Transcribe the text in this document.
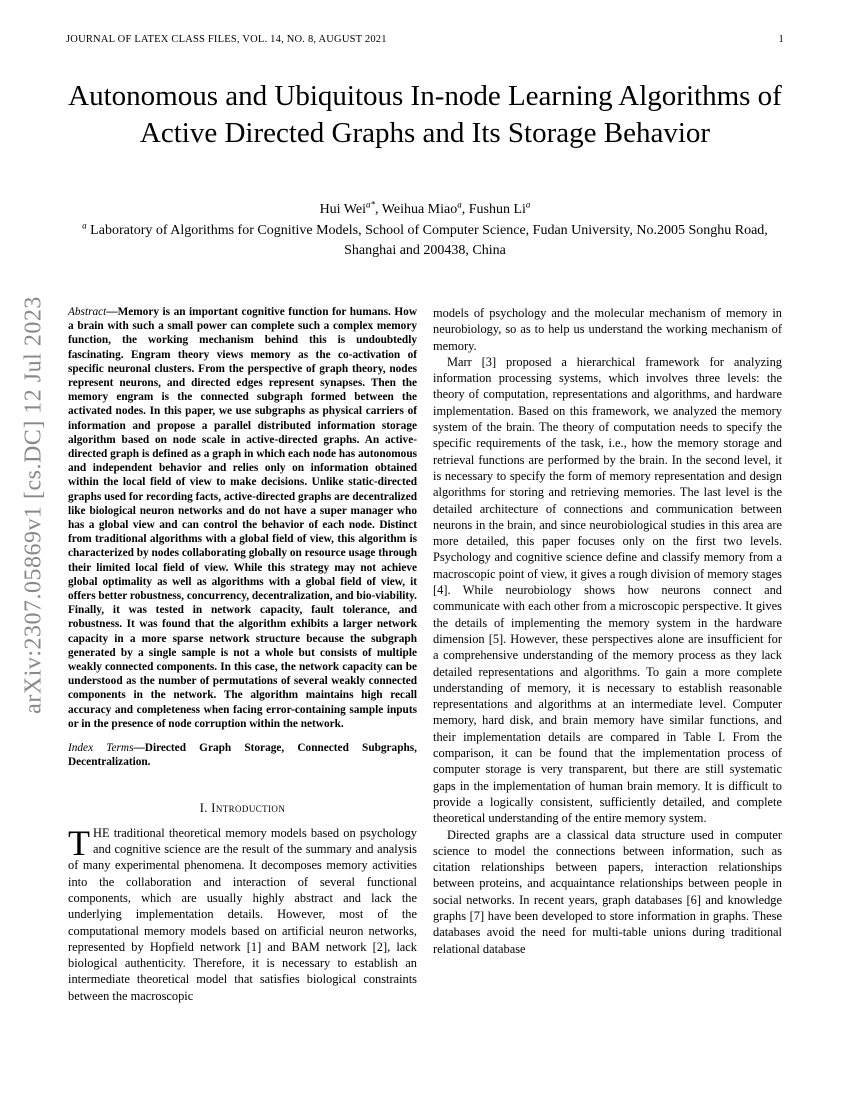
JOURNAL OF LATEX CLASS FILES, VOL. 14, NO. 8, AUGUST 2021	1
arXiv:2307.05869v1 [cs.DC] 12 Jul 2023
Autonomous and Ubiquitous In-node Learning Algorithms of Active Directed Graphs and Its Storage Behavior
Hui Wei$^{a*}$, Weihua Miao$^a$, Fushun Li$^a$
$^a$ Laboratory of Algorithms for Cognitive Models, School of Computer Science, Fudan University, No.2005 Songhu Road, Shanghai and 200438, China
Abstract—Memory is an important cognitive function for humans. How a brain with such a small power can complete such a complex memory function, the working mechanism behind this is undoubtedly fascinating. Engram theory views memory as the co-activation of specific neuronal clusters. From the perspective of graph theory, nodes represent neurons, and directed edges represent synapses. Then the memory engram is the connected subgraph formed between the activated nodes. In this paper, we use subgraphs as physical carriers of information and propose a parallel distributed information storage algorithm based on node scale in active-directed graphs. An active-directed graph is defined as a graph in which each node has autonomous and independent behavior and relies only on information obtained within the local field of view to make decisions. Unlike static-directed graphs used for recording facts, active-directed graphs are decentralized like biological neuron networks and do not have a super manager who has a global view and can control the behavior of each node. Distinct from traditional algorithms with a global field of view, this algorithm is characterized by nodes collaborating globally on resource usage through their limited local field of view. While this strategy may not achieve global optimality as well as algorithms with a global field of view, it offers better robustness, concurrency, decentralization, and bio-viability. Finally, it was tested in network capacity, fault tolerance, and robustness. It was found that the algorithm exhibits a larger network capacity in a more sparse network structure because the subgraph generated by a single sample is not a whole but consists of multiple weakly connected components. In this case, the network capacity can be understood as the number of permutations of several weakly connected components in the network. The algorithm maintains high recall accuracy and completeness when facing error-containing sample inputs or in the presence of node corruption within the network.
Index Terms—Directed Graph Storage, Connected Subgraphs, Decentralization.
I. Introduction

THE traditional theoretical memory models based on psychology and cognitive science are the result of the summary and analysis of many experimental phenomena. It decomposes memory activities into the collaboration and interaction of several functional components, which are usually highly abstract and lack the underlying implementation details. However, most of the computational memory models based on artificial neuron networks, represented by Hopfield network [1] and BAM network [2], lack biological authenticity. Therefore, it is necessary to establish an intermediate theoretical model that satisfies biological constraints between the macroscopic

models of psychology and the molecular mechanism of memory in neurobiology, so as to help us understand the working mechanism of memory.

Marr [3] proposed a hierarchical framework for analyzing information processing systems, which involves three levels: the theory of computation, representations and algorithms, and hardware implementation. Based on this framework, we analyzed the memory system of the brain. The theory of computation needs to specify the specific requirements of the task, i.e., how the memory storage and retrieval functions are performed by the brain. In the second level, it is necessary to specify the form of memory representation and design algorithms for storing and retrieving memories. The last level is the detailed architecture of connections and communication between neurons in the brain, and since neurobiological studies in this area are more detailed, this paper focuses only on the first two levels. Psychology and cognitive science define and classify memory from a macroscopic point of view, it gives a rough division of memory stages [4]. While neurobiology shows how neurons connect and communicate with each other from a microscopic perspective. It gives the details of implementing the memory system in the hardware dimension [5]. However, these perspectives alone are insufficient for a comprehensive understanding of the memory process as they lack detailed representations and algorithms. To gain a more complete understanding of memory, it is necessary to establish reasonable representations and algorithms at an intermediate level. Computer memory, hard disk, and brain memory have similar functions, and their implementation details are compared in Table I. From the comparison, it can be found that the implementation process of computer storage is very transparent, but there are still systematic gaps in the implementation of human brain memory. It is difficult to provide a logically consistent, sufficiently detailed, and complete theoretical understanding of the entire memory system.

Directed graphs are a classical data structure used in computer science to model the connections between information, such as citation relationships between papers, interaction relationships between proteins, and acquaintance relationships between people in social networks. In recent years, graph databases [6] and knowledge graphs [7] have been developed to store information in graphs. These databases avoid the need for multi-table unions during traditional relational database
